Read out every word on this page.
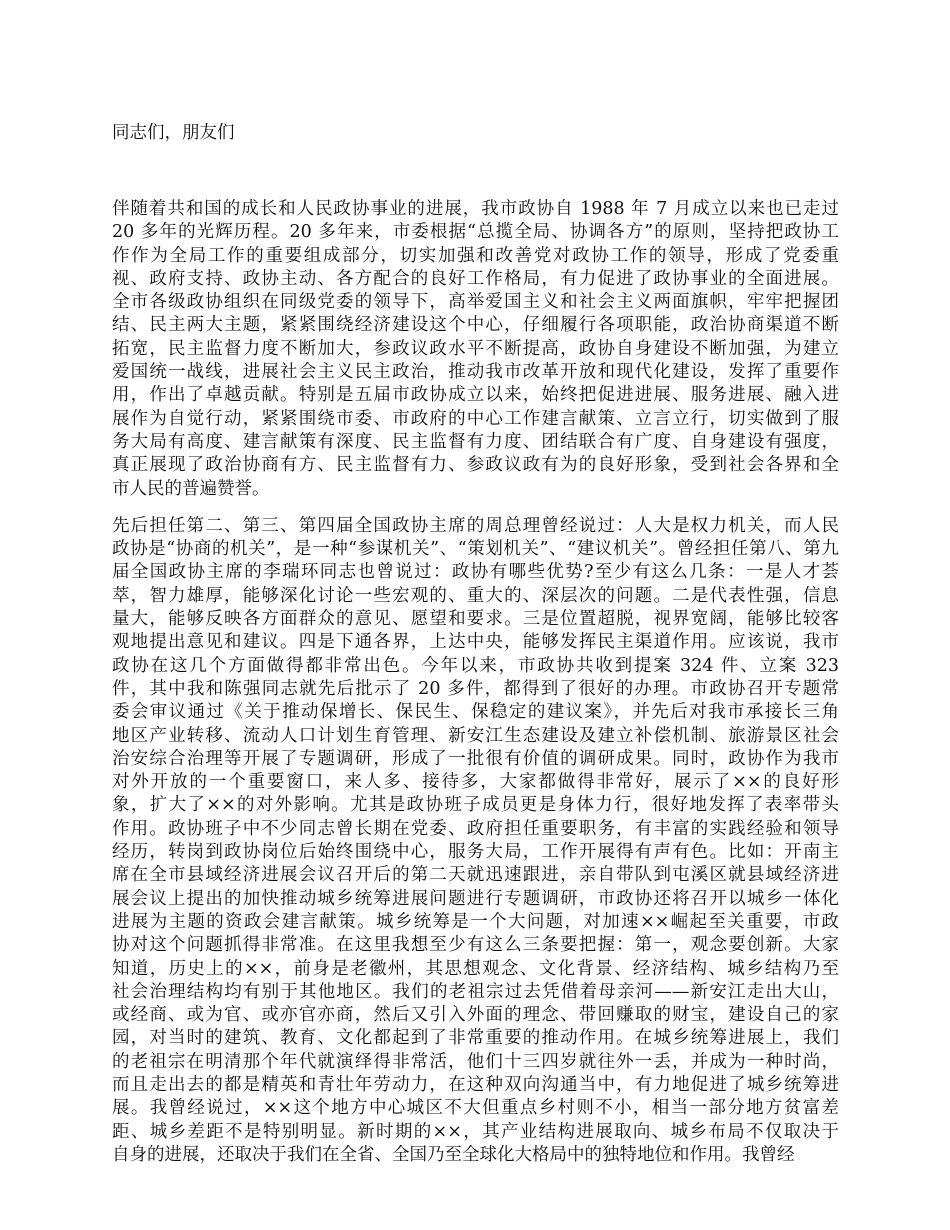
同志们，朋友们
伴随着共和国的成长和人民政协事业的进展，我市政协自 1988 年 7 月成立以来也已走过
20 多年的光辉历程。20 多年来，市委根据“总揽全局、协调各方”的原则，坚持把政协工
作作为全局工作的重要组成部分，切实加强和改善党对政协工作的领导，形成了党委重
视、政府支持、政协主动、各方配合的良好工作格局，有力促进了政协事业的全面进展。
全市各级政协组织在同级党委的领导下，高举爱国主义和社会主义两面旗帜，牢牢把握团
结、民主两大主题，紧紧围绕经济建设这个中心，仔细履行各项职能，政治协商渠道不断
拓宽，民主监督力度不断加大，参政议政水平不断提高，政协自身建设不断加强，为建立
爱国统一战线，进展社会主义民主政治，推动我市改革开放和现代化建设，发挥了重要作
用，作出了卓越贡献。特别是五届市政协成立以来，始终把促进进展、服务进展、融入进
展作为自觉行动，紧紧围绕市委、市政府的中心工作建言献策、立言立行，切实做到了服
务大局有高度、建言献策有深度、民主监督有力度、团结联合有广度、自身建设有强度，
真正展现了政治协商有方、民主监督有力、参政议政有为的良好形象，受到社会各界和全
市人民的普遍赞誉。
先后担任第二、第三、第四届全国政协主席的周总理曾经说过：人大是权力机关，而人民
政协是“协商的机关”，是一种“参谋机关”、“策划机关”、“建议机关”。曾经担任第八、第九
届全国政协主席的李瑞环同志也曾说过：政协有哪些优势?至少有这么几条：一是人才荟
萃，智力雄厚，能够深化讨论一些宏观的、重大的、深层次的问题。二是代表性强，信息
量大，能够反映各方面群众的意见、愿望和要求。三是位置超脱，视界宽阔，能够比较客
观地提出意见和建议。四是下通各界，上达中央，能够发挥民主渠道作用。应该说，我市
政协在这几个方面做得都非常出色。今年以来，市政协共收到提案 324 件、立案 323
件，其中我和陈强同志就先后批示了 20 多件，都得到了很好的办理。市政协召开专题常
委会审议通过《关于推动保增长、保民生、保稳定的建议案》，并先后对我市承接长三角
地区产业转移、流动人口计划生育管理、新安江生态建设及建立补偿机制、旅游景区社会
治安综合治理等开展了专题调研，形成了一批很有价值的调研成果。同时，政协作为我市
对外开放的一个重要窗口，来人多、接待多，大家都做得非常好，展示了××的良好形
象，扩大了××的对外影响。尤其是政协班子成员更是身体力行，很好地发挥了表率带头
作用。政协班子中不少同志曾长期在党委、政府担任重要职务，有丰富的实践经验和领导
经历，转岗到政协岗位后始终围绕中心，服务大局，工作开展得有声有色。比如：开南主
席在全市县域经济进展会议召开后的第二天就迅速跟进，亲自带队到屯溪区就县域经济进
展会议上提出的加快推动城乡统筹进展问题进行专题调研，市政协还将召开以城乡一体化
进展为主题的资政会建言献策。城乡统筹是一个大问题，对加速××崛起至关重要，市政
协对这个问题抓得非常准。在这里我想至少有这么三条要把握：第一，观念要创新。大家
知道，历史上的××，前身是老徽州，其思想观念、文化背景、经济结构、城乡结构乃至
社会治理结构均有别于其他地区。我们的老祖宗过去凭借着母亲河——新安江走出大山，
或经商、或为官、或亦官亦商，然后又引入外面的理念、带回赚取的财宝，建设自己的家
园，对当时的建筑、教育、文化都起到了非常重要的推动作用。在城乡统筹进展上，我们
的老祖宗在明清那个年代就演绎得非常活，他们十三四岁就往外一丢，并成为一种时尚，
而且走出去的都是精英和青壮年劳动力，在这种双向沟通当中，有力地促进了城乡统筹进
展。我曾经说过，××这个地方中心城区不大但重点乡村则不小，相当一部分地方贫富差
距、城乡差距不是特别明显。新时期的××，其产业结构进展取向、城乡布局不仅取决于
自身的进展，还取决于我们在全省、全国乃至全球化大格局中的独特地位和作用。我曾经
